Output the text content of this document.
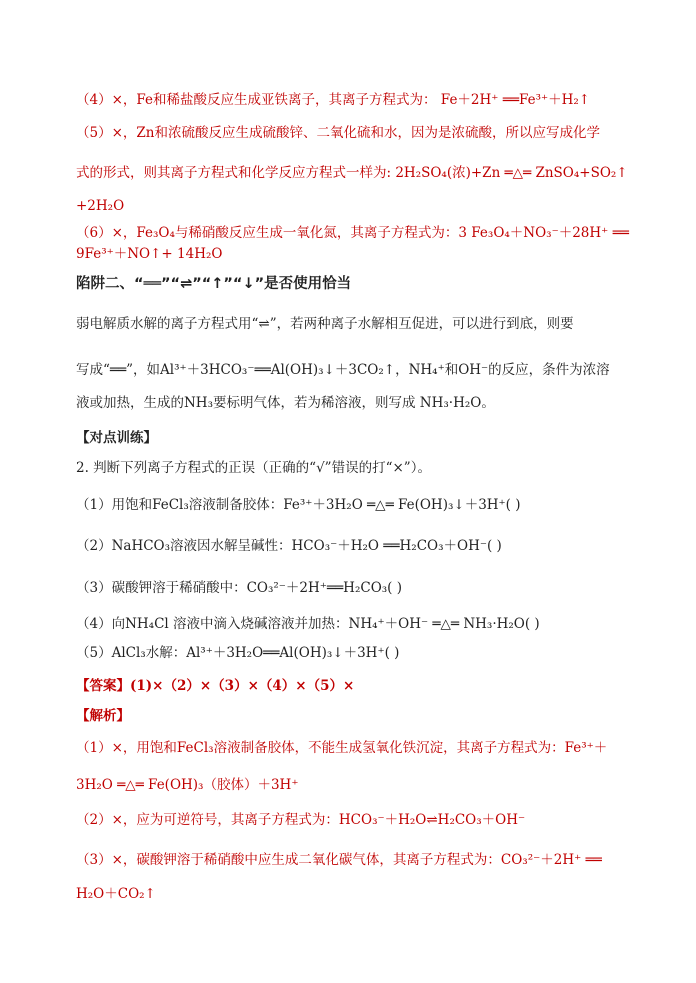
（4）×，Fe和稀盐酸反应生成亚铁离子，其离子方程式为： Fe＋2H⁺ ══Fe³⁺＋H₂↑
（5）×，Zn和浓硫酸反应生成硫酸锌、二氧化硫和水，因为是浓硫酸，所以应写成化学
式的形式，则其离子方程式和化学反应方程式一样为: 2H₂SO₄(浓)+Zn ═△═ ZnSO₄+SO₂↑
+2H₂O
（6）×，Fe₃O₄与稀硝酸反应生成一氧化氮，其离子方程式为：3 Fe₃O₄＋NO₃⁻＋28H⁺ ══
9Fe³⁺＋NO↑+ 14H₂O
陷阱二、“══”“⇌”“↑”“↓”是否使用恰当
弱电解质水解的离子方程式用“⇌”，若两种离子水解相互促进，可以进行到底，则要
写成“══”，如Al³⁺＋3HCO₃⁻══Al(OH)₃↓＋3CO₂↑，NH₄⁺和OH⁻的反应，条件为浓溶
液或加热，生成的NH₃要标明气体，若为稀溶液，则写成 NH₃·H₂O。
【对点训练】
2. 判断下列离子方程式的正误（正确的“√”错误的打“×”）。
（1）用饱和FeCl₃溶液制备胶体：Fe³⁺＋3H₂O ═△═ Fe(OH)₃↓＋3H⁺( )
（2）NaHCO₃溶液因水解呈碱性：HCO₃⁻＋H₂O ══H₂CO₃＋OH⁻( )
（3）碳酸钾溶于稀硝酸中：CO₃²⁻＋2H⁺══H₂CO₃( )
（4）向NH₄Cl 溶液中滴入烧碱溶液并加热：NH₄⁺＋OH⁻ ═△═ NH₃·H₂O( )
（5）AlCl₃水解：Al³⁺＋3H₂O══Al(OH)₃↓＋3H⁺( )
【答案】(1)×（2）×（3）×（4）×（5）×
【解析】
（1）×，用饱和FeCl₃溶液制备胶体，不能生成氢氧化铁沉淀，其离子方程式为：Fe³⁺＋
3H₂O ═△═ Fe(OH)₃（胶体）＋3H⁺
（2）×，应为可逆符号，其离子方程式为：HCO₃⁻＋H₂O⇌H₂CO₃＋OH⁻
（3）×，碳酸钾溶于稀硝酸中应生成二氧化碳气体，其离子方程式为：CO₃²⁻＋2H⁺ ══
H₂O＋CO₂↑
